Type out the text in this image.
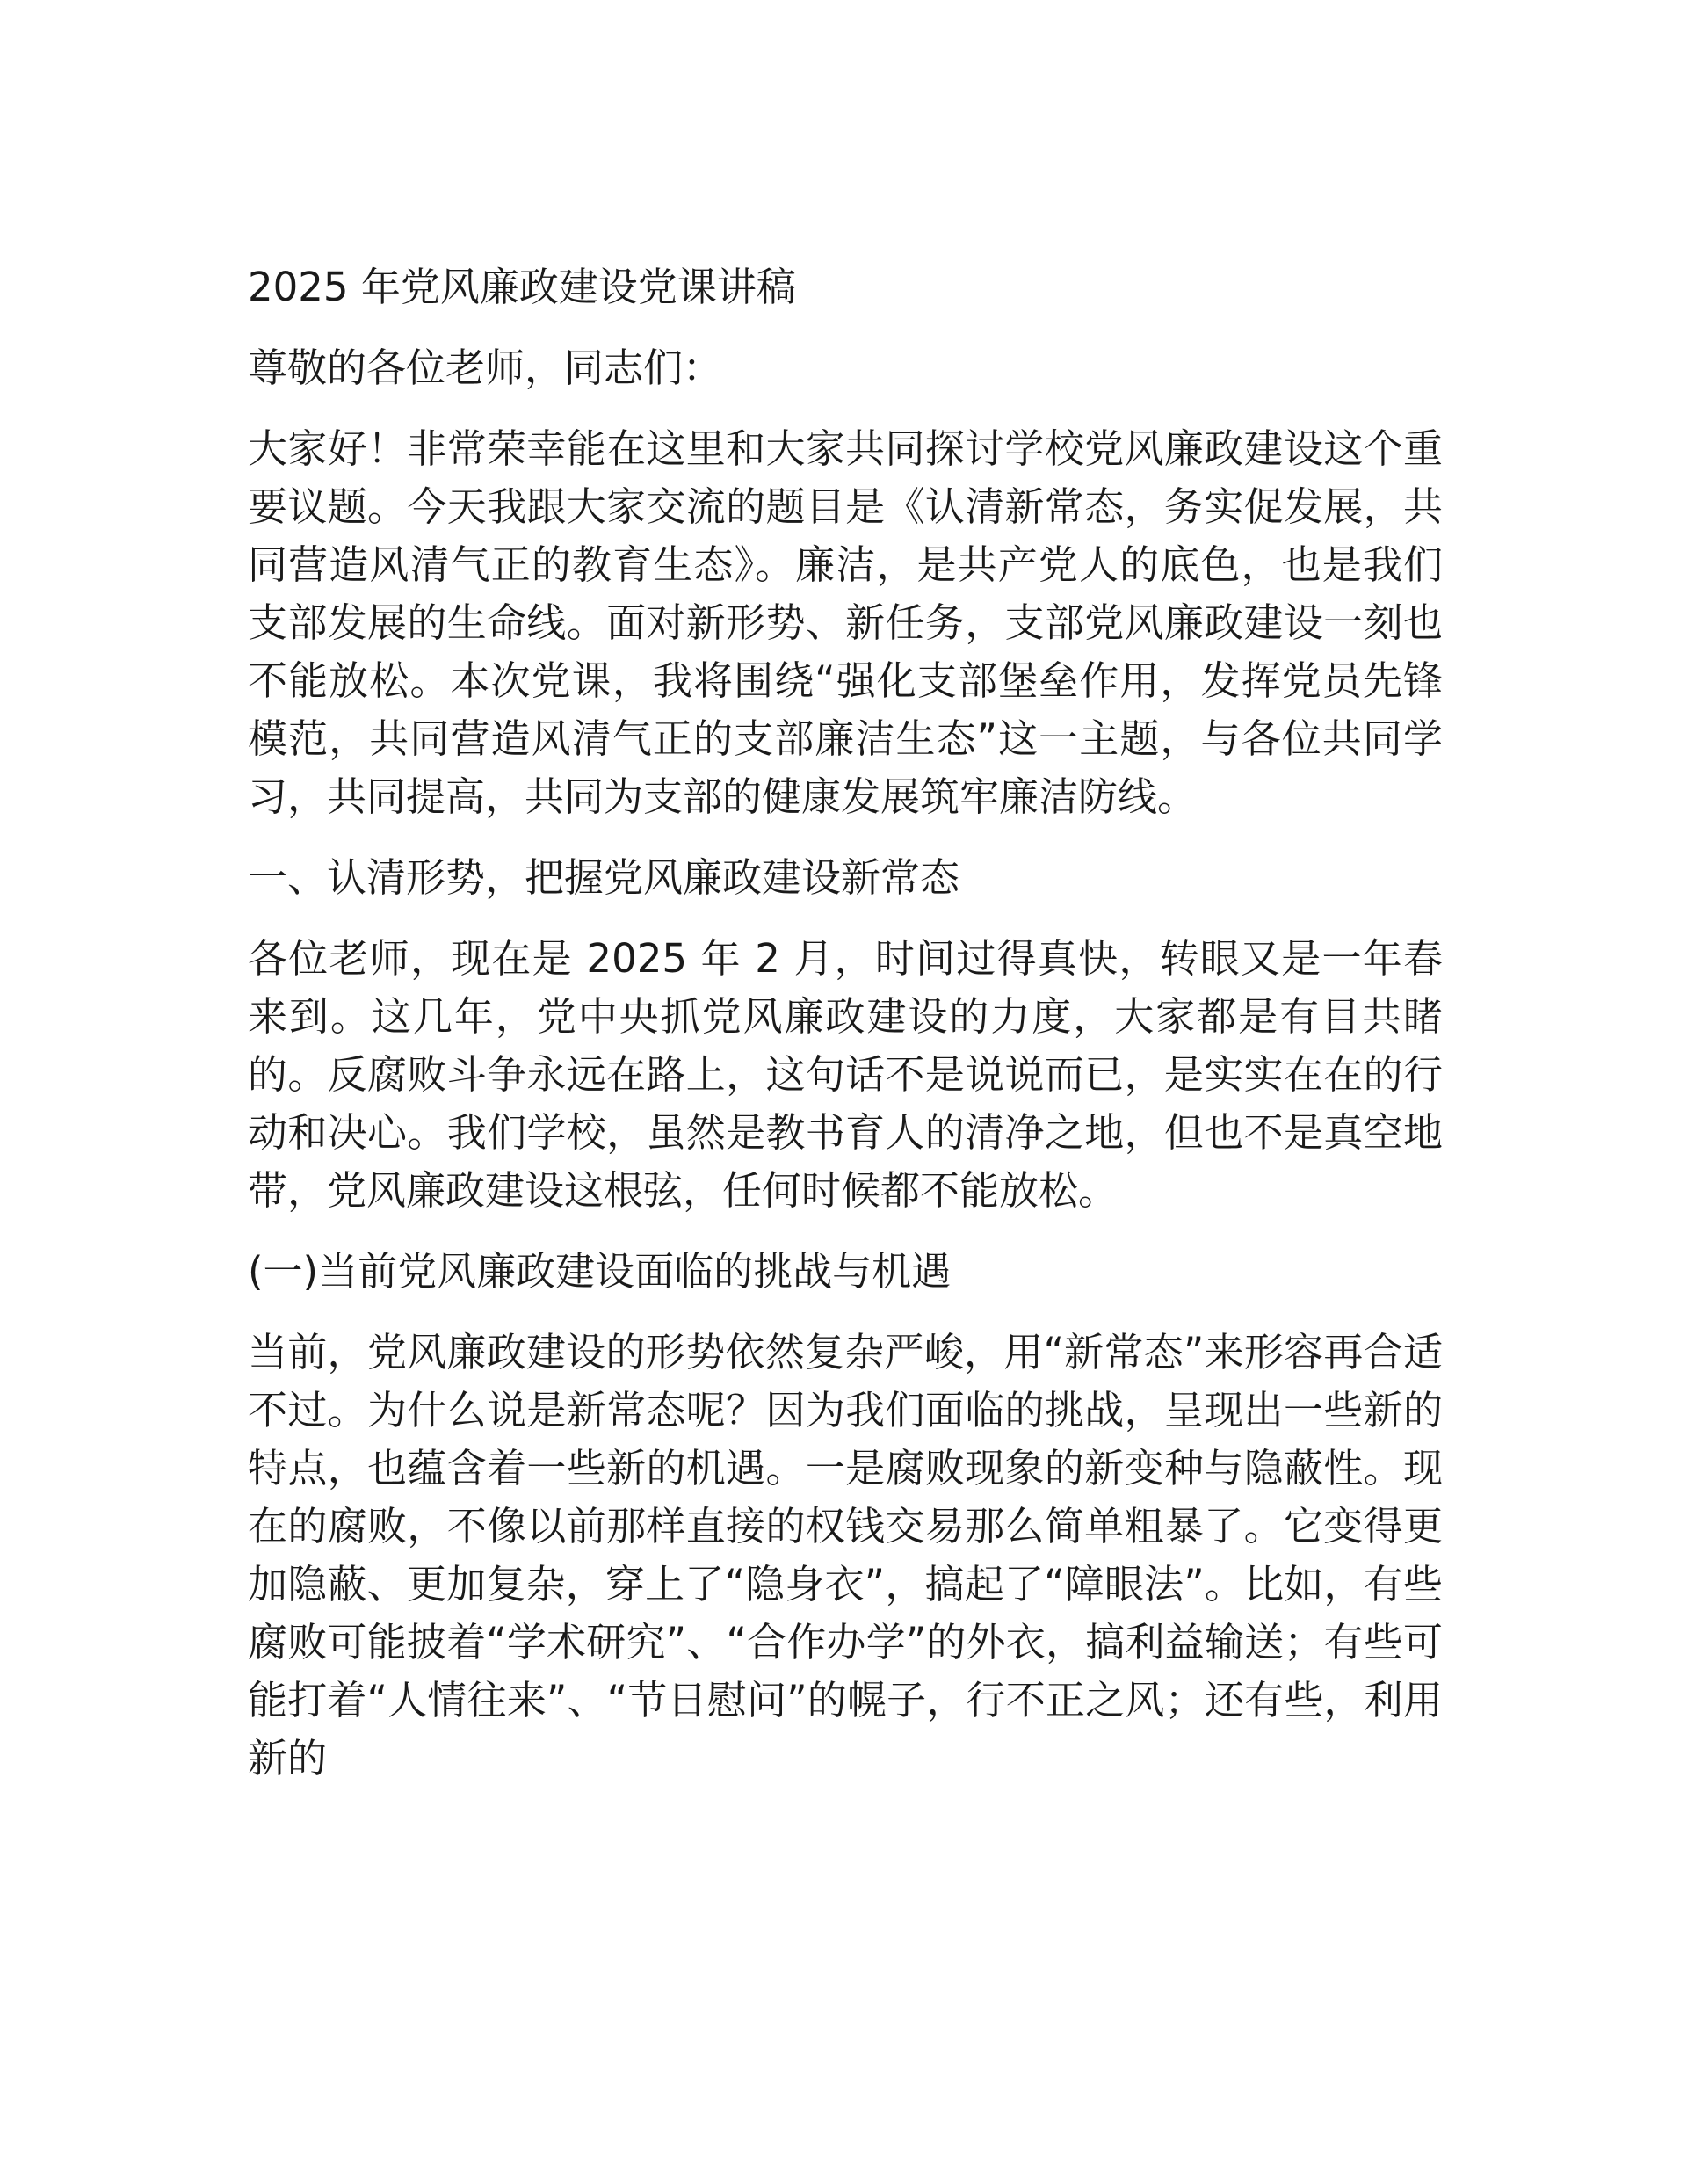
2025 年党风廉政建设党课讲稿

尊敬的各位老师，同志们：

大家好！非常荣幸能在这里和大家共同探讨学校党风廉政建设这个重要议题。今天我跟大家交流的题目是《认清新常态，务实促发展，共同营造风清气正的教育生态》。廉洁，是共产党人的底色，也是我们支部发展的生命线。面对新形势、新任务，支部党风廉政建设一刻也不能放松。本次党课，我将围绕“强化支部堡垒作用，发挥党员先锋模范，共同营造风清气正的支部廉洁生态”这一主题，与各位共同学习，共同提高，共同为支部的健康发展筑牢廉洁防线。

一、认清形势，把握党风廉政建设新常态

各位老师，现在是 2025 年 2 月，时间过得真快，转眼又是一年春来到。这几年，党中央抓党风廉政建设的力度，大家都是有目共睹的。反腐败斗争永远在路上，这句话不是说说而已，是实实在在的行动和决心。我们学校，虽然是教书育人的清净之地，但也不是真空地带，党风廉政建设这根弦，任何时候都不能放松。

(一)当前党风廉政建设面临的挑战与机遇

当前，党风廉政建设的形势依然复杂严峻，用“新常态”来形容再合适不过。为什么说是新常态呢？因为我们面临的挑战，呈现出一些新的特点，也蕴含着一些新的机遇。一是腐败现象的新变种与隐蔽性。现在的腐败，不像以前那样直接的权钱交易那么简单粗暴了。它变得更加隐蔽、更加复杂，穿上了“隐身衣”，搞起了“障眼法”。比如，有些腐败可能披着“学术研究”、“合作办学”的外衣，搞利益输送；有些可能打着“人情往来”、“节日慰问”的幌子，行不正之风；还有些，利用新的
